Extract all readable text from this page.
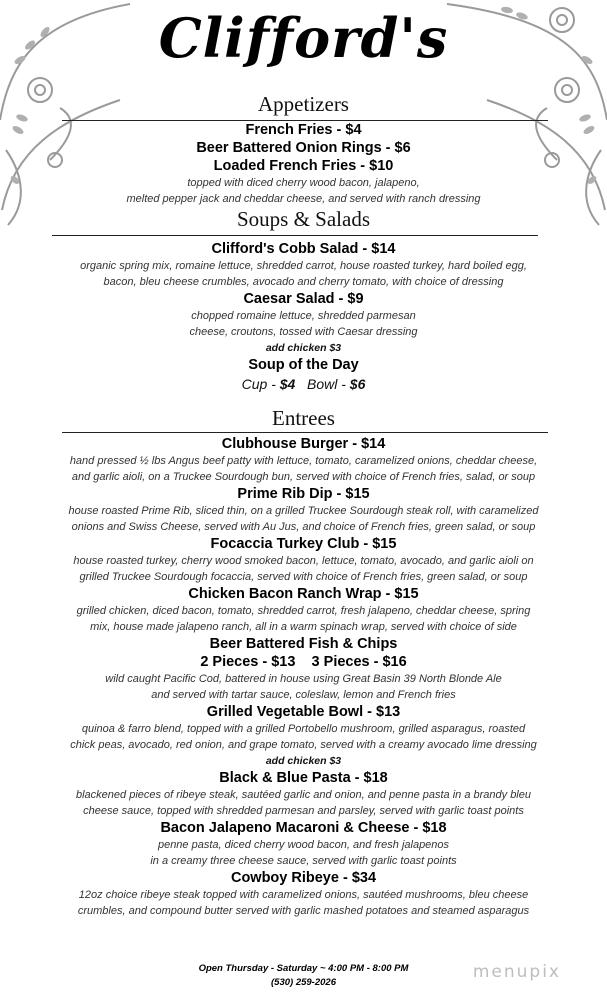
Clifford's
Appetizers
French Fries - $4
Beer Battered Onion Rings - $6
Loaded French Fries - $10
topped with diced cherry wood bacon, jalapeno,
melted pepper jack and cheddar cheese, and served with ranch dressing
Soups & Salads
Clifford's Cobb Salad - $14
organic spring mix, romaine lettuce, shredded carrot, house roasted turkey, hard boiled egg,
bacon, bleu cheese crumbles, avocado and cherry tomato, with choice of dressing
Caesar Salad - $9
chopped romaine lettuce, shredded parmesan
cheese, croutons, tossed with Caesar dressing
add chicken $3
Soup of the Day
Cup - $4 Bowl - $6
Entrees
Clubhouse Burger - $14
hand pressed ½ lbs Angus beef patty with lettuce, tomato, caramelized onions, cheddar cheese,
and garlic aioli, on a Truckee Sourdough bun, served with choice of French fries, salad, or soup
Prime Rib Dip - $15
house roasted Prime Rib, sliced thin, on a grilled Truckee Sourdough steak roll, with caramelized
onions and Swiss Cheese, served with Au Jus, and choice of French fries, green salad, or soup
Focaccia Turkey Club - $15
house roasted turkey, cherry wood smoked bacon, lettuce, tomato, avocado, and garlic aioli on
grilled Truckee Sourdough focaccia, served with choice of French fries, green salad, or soup
Chicken Bacon Ranch Wrap - $15
grilled chicken, diced bacon, tomato, shredded carrot, fresh jalapeno, cheddar cheese, spring
mix, house made jalapeno ranch, all in a warm spinach wrap, served with choice of side
Beer Battered Fish & Chips
2 Pieces - $13    3 Pieces - $16
wild caught Pacific Cod, battered in house using Great Basin 39 North Blonde Ale
and served with tartar sauce, coleslaw, lemon and French fries
Grilled Vegetable Bowl - $13
quinoa & farro blend, topped with a grilled Portobello mushroom, grilled asparagus, roasted
chick peas, avocado, red onion, and grape tomato, served with a creamy avocado lime dressing
add chicken $3
Black & Blue Pasta - $18
blackened pieces of ribeye steak, sautéed garlic and onion, and penne pasta in a brandy bleu
cheese sauce, topped with shredded parmesan and parsley, served with garlic toast points
Bacon Jalapeno Macaroni & Cheese - $18
penne pasta, diced cherry wood bacon, and fresh jalapenos
in a creamy three cheese sauce, served with garlic toast points
Cowboy Ribeye - $34
12oz choice ribeye steak topped with caramelized onions, sautéed mushrooms, bleu cheese
crumbles, and compound butter served with garlic mashed potatoes and steamed asparagus
Open Thursday - Saturday ~ 4:00 PM - 8:00 PM
(530) 259-2026
menupix
